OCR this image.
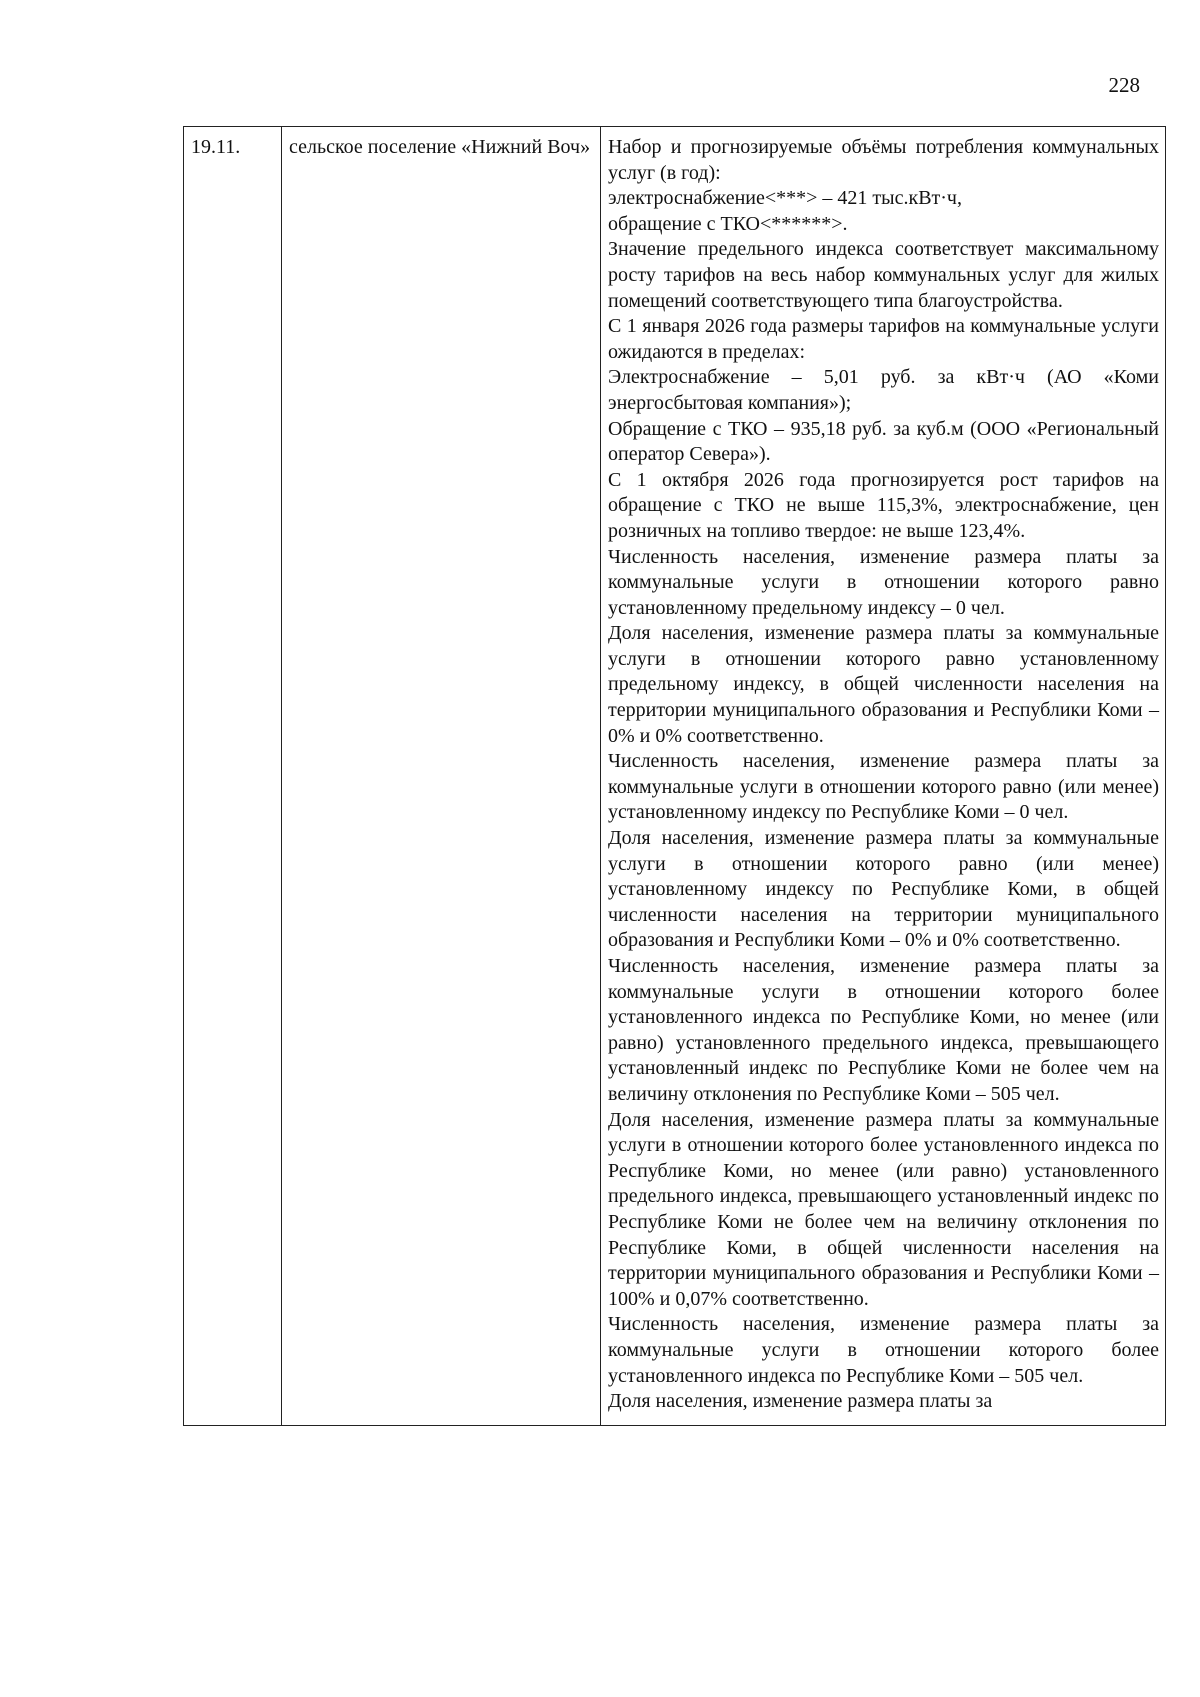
228
19.11.	сельское поселение «Нижний Воч»	Набор и прогнозируемые объёмы потребления коммунальных услуг (в год):

электроснабжение<***> – 421 тыс.кВт·ч,

обращение с ТКО<******>.

Значение предельного индекса соответствует максимальному росту тарифов на весь набор коммунальных услуг для жилых помещений соответствующего типа благоустройства.

С 1 января 2026 года размеры тарифов на коммунальные услуги ожидаются в пределах:

Электроснабжение – 5,01 руб. за кВт·ч (АО «Коми энергосбытовая компания»);

Обращение с ТКО – 935,18 руб. за куб.м (ООО «Региональный оператор Севера»).

С 1 октября 2026 года прогнозируется рост тарифов на обращение с ТКО не выше 115,3%, электроснабжение, цен розничных на топливо твердое: не выше 123,4%.

Численность населения, изменение размера платы за коммунальные услуги в отношении которого равно установленному предельному индексу – 0 чел.

Доля населения, изменение размера платы за коммунальные услуги в отношении которого равно установленному предельному индексу, в общей численности населения на территории муниципального образования и Республики Коми – 0% и 0% соответственно.

Численность населения, изменение размера платы за коммунальные услуги в отношении которого равно (или менее) установленному индексу по Республике Коми – 0 чел.

Доля населения, изменение размера платы за коммунальные услуги в отношении которого равно (или менее) установленному индексу по Республике Коми, в общей численности населения на территории муниципального образования и Республики Коми – 0% и 0% соответственно.

Численность населения, изменение размера платы за коммунальные услуги в отношении которого более установленного индекса по Республике Коми, но менее (или равно) установленного предельного индекса, превышающего установленный индекс по Республике Коми не более чем на величину отклонения по Республике Коми – 505 чел.

Доля населения, изменение размера платы за коммунальные услуги в отношении которого более установленного индекса по Республике Коми, но менее (или равно) установленного предельного индекса, превышающего установленный индекс по Республике Коми не более чем на величину отклонения по Республике Коми, в общей численности населения на территории муниципального образования и Республики Коми – 100% и 0,07% соответственно.

Численность населения, изменение размера платы за коммунальные услуги в отношении которого более установленного индекса по Республике Коми – 505 чел.

Доля населения, изменение размера платы за
